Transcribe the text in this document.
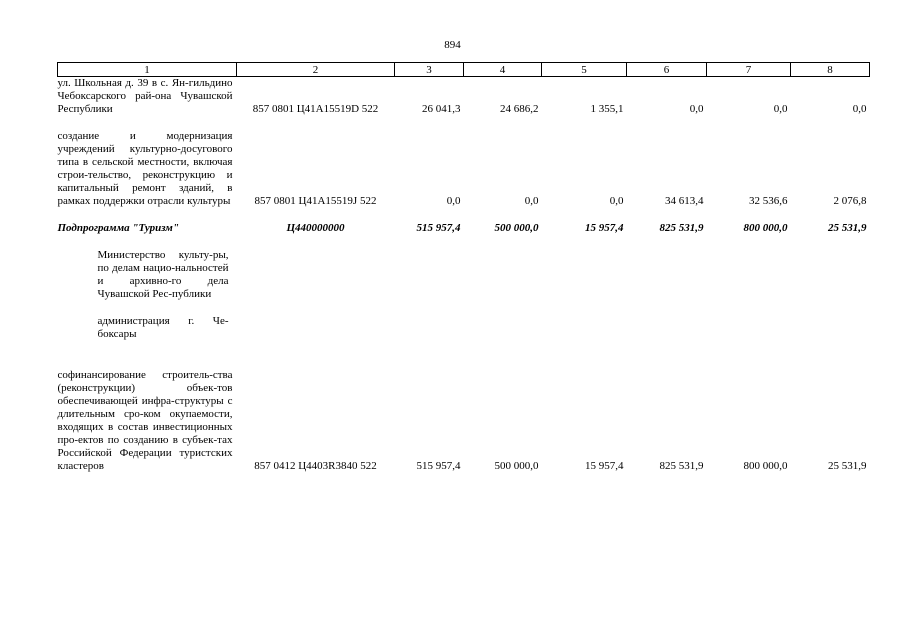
894
1	2	3	4	5	6	7	8
ул. Школьная д. 39 в с. Ян-гильдино Чебоксарского рай-она Чувашской Республики	857 0801 Ц41А15519D 522	26 041,3	24 686,2	1 355,1	0,0	0,0	0,0

создание и модернизация учреждений культурно-досугового типа в сельской местности, включая строи-тельство, реконструкцию и капитальный ремонт зданий, в рамках поддержки отрасли культуры	857 0801 Ц41А15519J 522	0,0	0,0	0,0	34 613,4	32 536,6	2 076,8

Подпрограмма "Туризм"	Ц440000000	515 957,4	500 000,0	15 957,4	825 531,9	800 000,0	25 531,9

Министерство культу-ры, по делам нацио-нальностей и архивно-го дела Чувашской Рес-публики							

администрация г. Че-боксары							

софинансирование строитель-ства (реконструкции) объек-тов обеспечивающей инфра-структуры с длительным сро-ком окупаемости, входящих в состав инвестиционных про-ектов по созданию в субъек-тах Российской Федерации туристских кластеров	857 0412 Ц4403R3840 522	515 957,4	500 000,0	15 957,4	825 531,9	800 000,0	25 531,9
